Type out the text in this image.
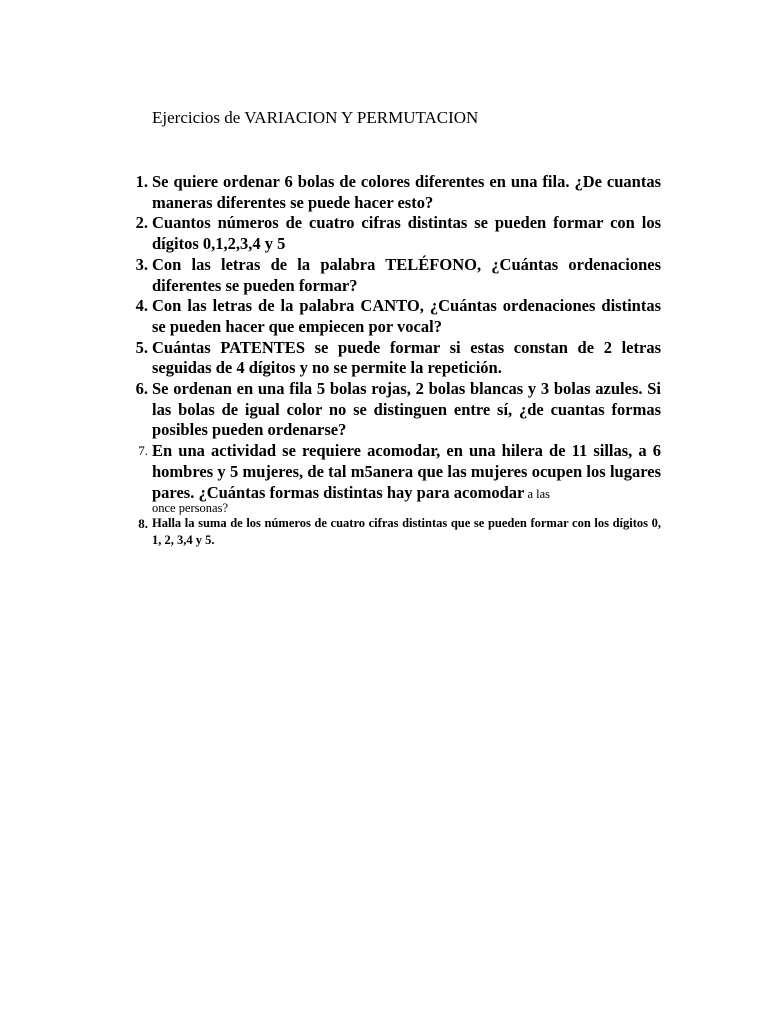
Ejercicios de VARIACION Y PERMUTACION
1. Se quiere ordenar 6 bolas de colores diferentes en una fila. ¿De cuantas maneras diferentes se puede hacer esto?
2. Cuantos números de cuatro cifras distintas se pueden formar con los dígitos 0,1,2,3,4 y 5
3. Con las letras de la palabra TELÉFONO, ¿Cuántas ordenaciones diferentes se pueden formar?
4. Con las letras de la palabra CANTO, ¿Cuántas ordenaciones distintas se pueden hacer que empiecen por vocal?
5. Cuántas PATENTES se puede formar si estas constan de 2 letras seguidas de 4 dígitos y no se permite la repetición.
6. Se ordenan en una fila 5 bolas rojas, 2 bolas blancas y 3 bolas azules. Si las bolas de igual color no se distinguen entre sí, ¿de cuantas formas posibles pueden ordenarse?
7. En una actividad se requiere acomodar, en una hilera de 11 sillas, a 6 hombres y 5 mujeres, de tal m5anera que las mujeres ocupen los lugares pares. ¿Cuántas formas distintas hay para acomodar a las
once personas?
8. Halla la suma de los números de cuatro cifras distintas que se pueden formar con los dígitos 0, 1, 2, 3,4 y 5.
